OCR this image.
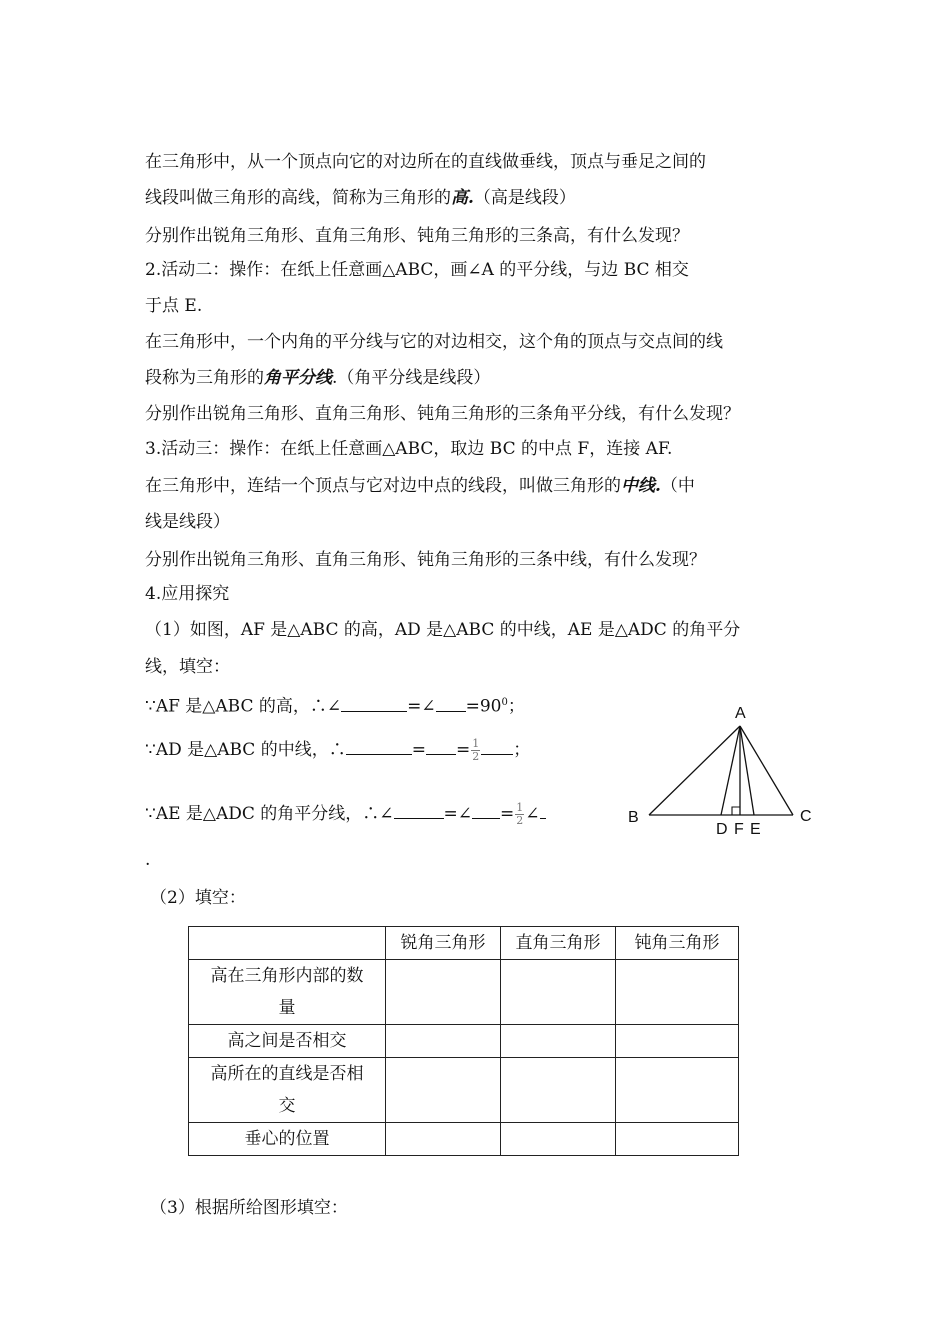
在三角形中，从一个顶点向它的对边所在的直线做垂线，顶点与垂足之间的
线段叫做三角形的高线，简称为三角形的高.（高是线段）
分别作出锐角三角形、直角三角形、钝角三角形的三条高，有什么发现？
2.活动二：操作：在纸上任意画△ABC，画∠A 的平分线，与边 BC 相交
于点 E.
在三角形中，一个内角的平分线与它的对边相交，这个角的顶点与交点间的线
段称为三角形的角平分线.（角平分线是线段）
分别作出锐角三角形、直角三角形、钝角三角形的三条角平分线，有什么发现？
3.活动三：操作：在纸上任意画△ABC，取边 BC 的中点 F，连接 AF.
在三角形中，连结一个顶点与它对边中点的线段，叫做三角形的中线.（中
线是线段）
分别作出锐角三角形、直角三角形、钝角三角形的三条中线，有什么发现？
4.应用探究
（1）如图，AF 是△ABC 的高，AD 是△ABC 的中线，AE 是△ADC 的角平分
线，填空：
∵AF 是△ABC 的高，∴∠	=∠ $=90^0$；
∵AD 是△ABC 的中线，∴	= = $\frac{1}{2}$ ；
∵AE 是△ADC 的角平分线，∴∠	=∠ = $\frac{1}{2}$ ∠
.
A
B	C
D F E
（2）填空：
	锐角三角形	直角三角形	钝角三角形

高在三角形内部的数
量			

高之间是否相交			

高所在的直线是否相
交			

垂心的位置			
（3）根据所给图形填空：
